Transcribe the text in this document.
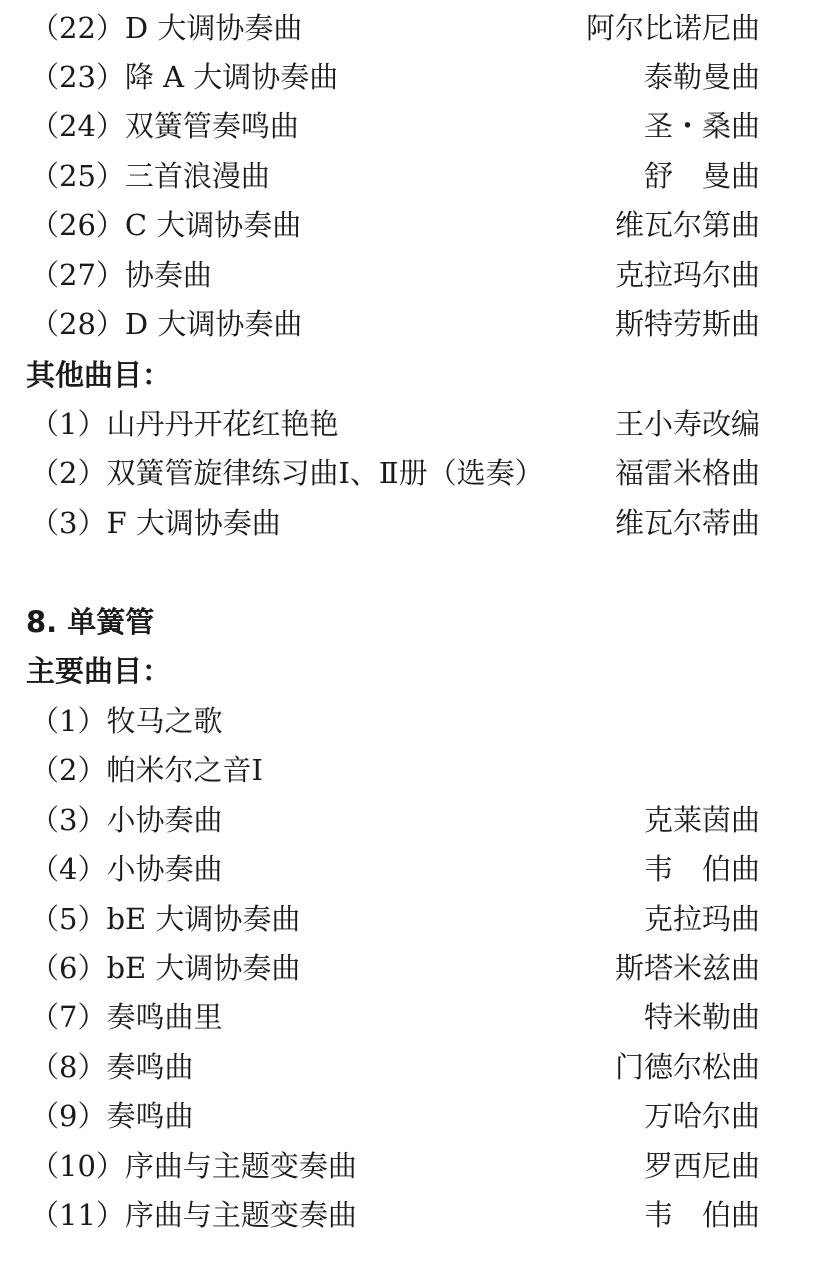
（22）D 大调协奏曲	阿尔比诺尼曲
（23）降 A 大调协奏曲	泰勒曼曲
（24）双簧管奏鸣曲	圣・桑曲
（25）三首浪漫曲	舒　曼曲
（26）C 大调协奏曲	维瓦尔第曲
（27）协奏曲	克拉玛尔曲
（28）D 大调协奏曲	斯特劳斯曲
其他曲目：
（1）山丹丹开花红艳艳	王小寿改编
（2）双簧管旋律练习曲Ⅰ、Ⅱ册（选奏） 福雷米格曲
（3）F 大调协奏曲	维瓦尔蒂曲
8. 单簧管
主要曲目：
（1）牧马之歌
（2）帕米尔之音Ⅰ
（3）小协奏曲	克莱茵曲
（4）小协奏曲	韦　伯曲
（5）bE 大调协奏曲	克拉玛曲
（6）bE 大调协奏曲	斯塔米兹曲
（7）奏鸣曲里	特米勒曲
（8）奏鸣曲	门德尔松曲
（9）奏鸣曲	万哈尔曲
（10）序曲与主题变奏曲	罗西尼曲
（11）序曲与主题变奏曲	韦　伯曲
